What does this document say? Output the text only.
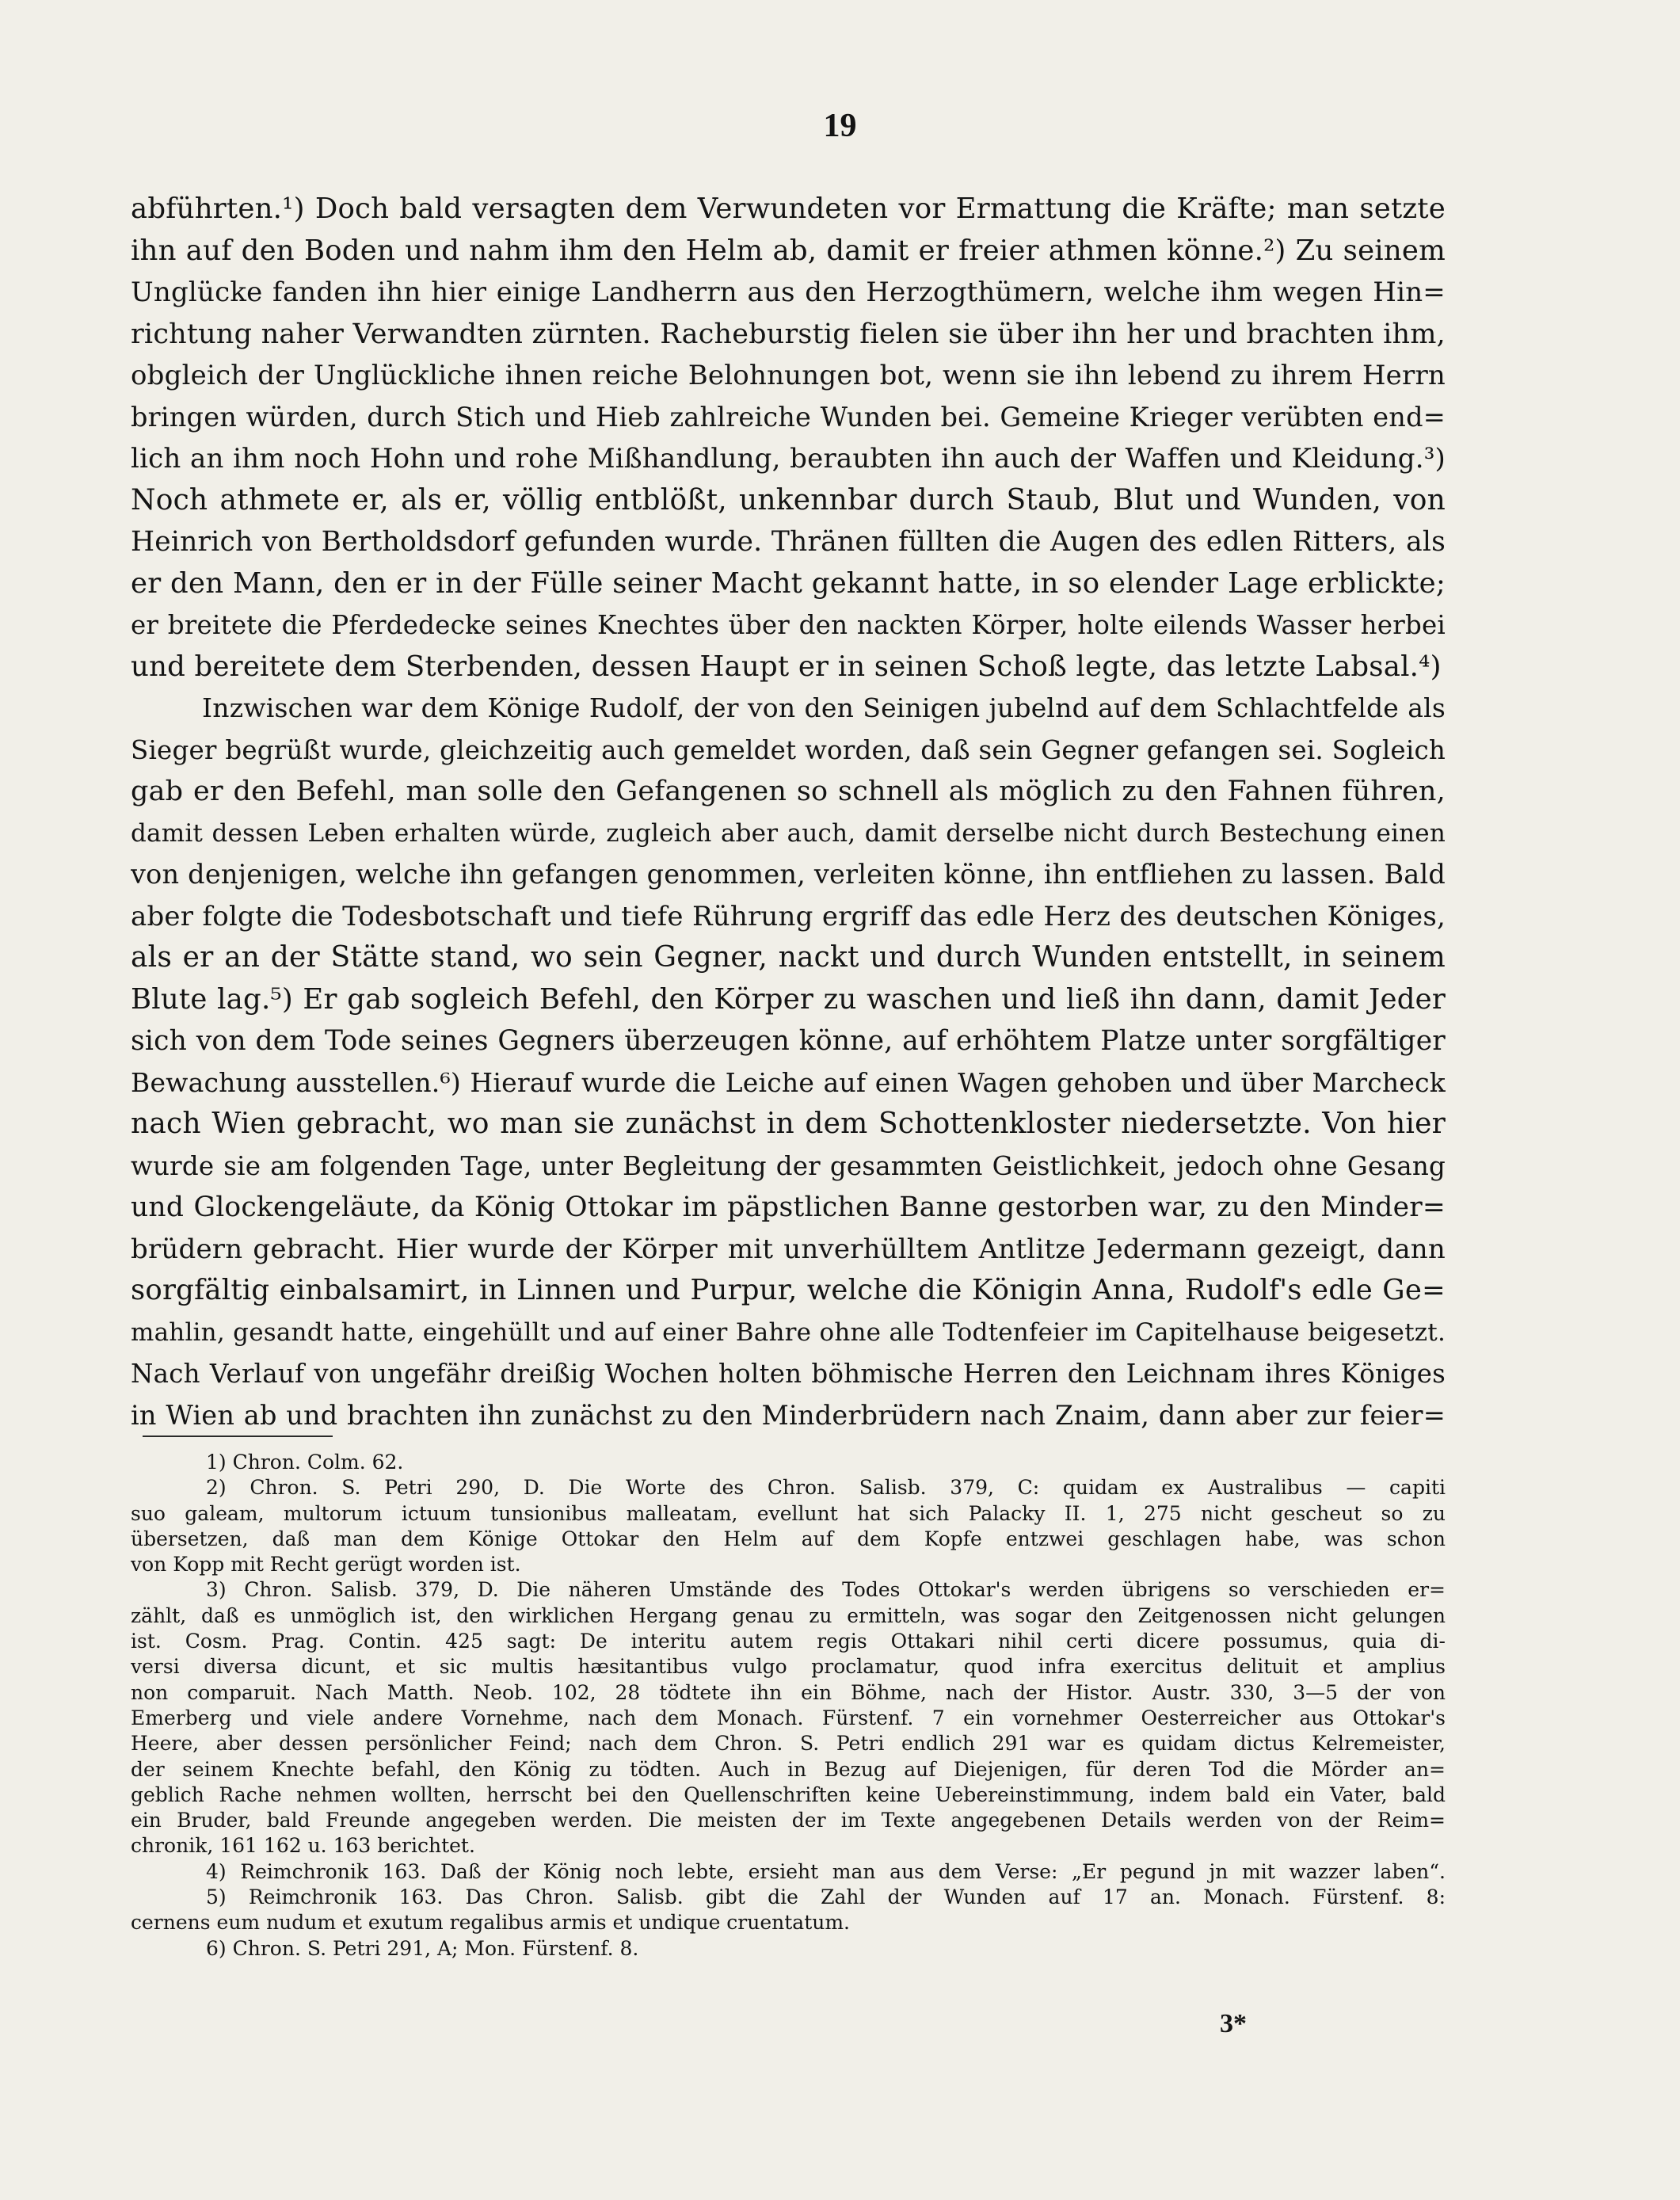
19
abführten.¹) Doch bald versagten dem Verwundeten vor Ermattung die Kräfte; man setzte
ihn auf den Boden und nahm ihm den Helm ab, damit er freier athmen könne.²) Zu seinem
Unglücke fanden ihn hier einige Landherrn aus den Herzogthümern, welche ihm wegen Hin=
richtung naher Verwandten zürnten. Racheburstig fielen sie über ihn her und brachten ihm,
obgleich der Unglückliche ihnen reiche Belohnungen bot, wenn sie ihn lebend zu ihrem Herrn
bringen würden, durch Stich und Hieb zahlreiche Wunden bei. Gemeine Krieger verübten end=
lich an ihm noch Hohn und rohe Mißhandlung, beraubten ihn auch der Waffen und Kleidung.³)
Noch athmete er, als er, völlig entblößt, unkennbar durch Staub, Blut und Wunden, von
Heinrich von Bertholdsdorf gefunden wurde. Thränen füllten die Augen des edlen Ritters, als
er den Mann, den er in der Fülle seiner Macht gekannt hatte, in so elender Lage erblickte;
er breitete die Pferdedecke seines Knechtes über den nackten Körper, holte eilends Wasser herbei
und bereitete dem Sterbenden, dessen Haupt er in seinen Schoß legte, das letzte Labsal.⁴)
Inzwischen war dem Könige Rudolf, der von den Seinigen jubelnd auf dem Schlachtfelde als
Sieger begrüßt wurde, gleichzeitig auch gemeldet worden, daß sein Gegner gefangen sei. Sogleich
gab er den Befehl, man solle den Gefangenen so schnell als möglich zu den Fahnen führen,
damit dessen Leben erhalten würde, zugleich aber auch, damit derselbe nicht durch Bestechung einen
von denjenigen, welche ihn gefangen genommen, verleiten könne, ihn entfliehen zu lassen. Bald
aber folgte die Todesbotschaft und tiefe Rührung ergriff das edle Herz des deutschen Königes,
als er an der Stätte stand, wo sein Gegner, nackt und durch Wunden entstellt, in seinem
Blute lag.⁵) Er gab sogleich Befehl, den Körper zu waschen und ließ ihn dann, damit Jeder
sich von dem Tode seines Gegners überzeugen könne, auf erhöhtem Platze unter sorgfältiger
Bewachung ausstellen.⁶) Hierauf wurde die Leiche auf einen Wagen gehoben und über Marcheck
nach Wien gebracht, wo man sie zunächst in dem Schottenkloster niedersetzte. Von hier
wurde sie am folgenden Tage, unter Begleitung der gesammten Geistlichkeit, jedoch ohne Gesang
und Glockengeläute, da König Ottokar im päpstlichen Banne gestorben war, zu den Minder=
brüdern gebracht. Hier wurde der Körper mit unverhülltem Antlitze Jedermann gezeigt, dann
sorgfältig einbalsamirt, in Linnen und Purpur, welche die Königin Anna, Rudolf's edle Ge=
mahlin, gesandt hatte, eingehüllt und auf einer Bahre ohne alle Todtenfeier im Capitelhause beigesetzt.
Nach Verlauf von ungefähr dreißig Wochen holten böhmische Herren den Leichnam ihres Königes
in Wien ab und brachten ihn zunächst zu den Minderbrüdern nach Znaim, dann aber zur feier=
1) Chron. Colm. 62.
2) Chron. S. Petri 290, D. Die Worte des Chron. Salisb. 379, C: quidam ex Australibus — capiti
suo galeam, multorum ictuum tunsionibus malleatam, evellunt hat sich Palacky II. 1, 275 nicht gescheut so zu
übersetzen, daß man dem Könige Ottokar den Helm auf dem Kopfe entzwei geschlagen habe, was schon
von Kopp mit Recht gerügt worden ist.
3) Chron. Salisb. 379, D. Die näheren Umstände des Todes Ottokar's werden übrigens so verschieden er=
zählt, daß es unmöglich ist, den wirklichen Hergang genau zu ermitteln, was sogar den Zeitgenossen nicht gelungen
ist. Cosm. Prag. Contin. 425 sagt: De interitu autem regis Ottakari nihil certi dicere possumus, quia di-
versi diversa dicunt, et sic multis hæsitantibus vulgo proclamatur, quod infra exercitus delituit et amplius
non comparuit. Nach Matth. Neob. 102, 28 tödtete ihn ein Böhme, nach der Histor. Austr. 330, 3—5 der von
Emerberg und viele andere Vornehme, nach dem Monach. Fürstenf. 7 ein vornehmer Oesterreicher aus Ottokar's
Heere, aber dessen persönlicher Feind; nach dem Chron. S. Petri endlich 291 war es quidam dictus Kelremeister,
der seinem Knechte befahl, den König zu tödten. Auch in Bezug auf Diejenigen, für deren Tod die Mörder an=
geblich Rache nehmen wollten, herrscht bei den Quellenschriften keine Uebereinstimmung, indem bald ein Vater, bald
ein Bruder, bald Freunde angegeben werden. Die meisten der im Texte angegebenen Details werden von der Reim=
chronik, 161 162 u. 163 berichtet.
4) Reimchronik 163. Daß der König noch lebte, ersieht man aus dem Verse: „Er pegund jn mit wazzer laben“.
5) Reimchronik 163. Das Chron. Salisb. gibt die Zahl der Wunden auf 17 an. Monach. Fürstenf. 8:
cernens eum nudum et exutum regalibus armis et undique cruentatum.
6) Chron. S. Petri 291, A; Mon. Fürstenf. 8.
3*
